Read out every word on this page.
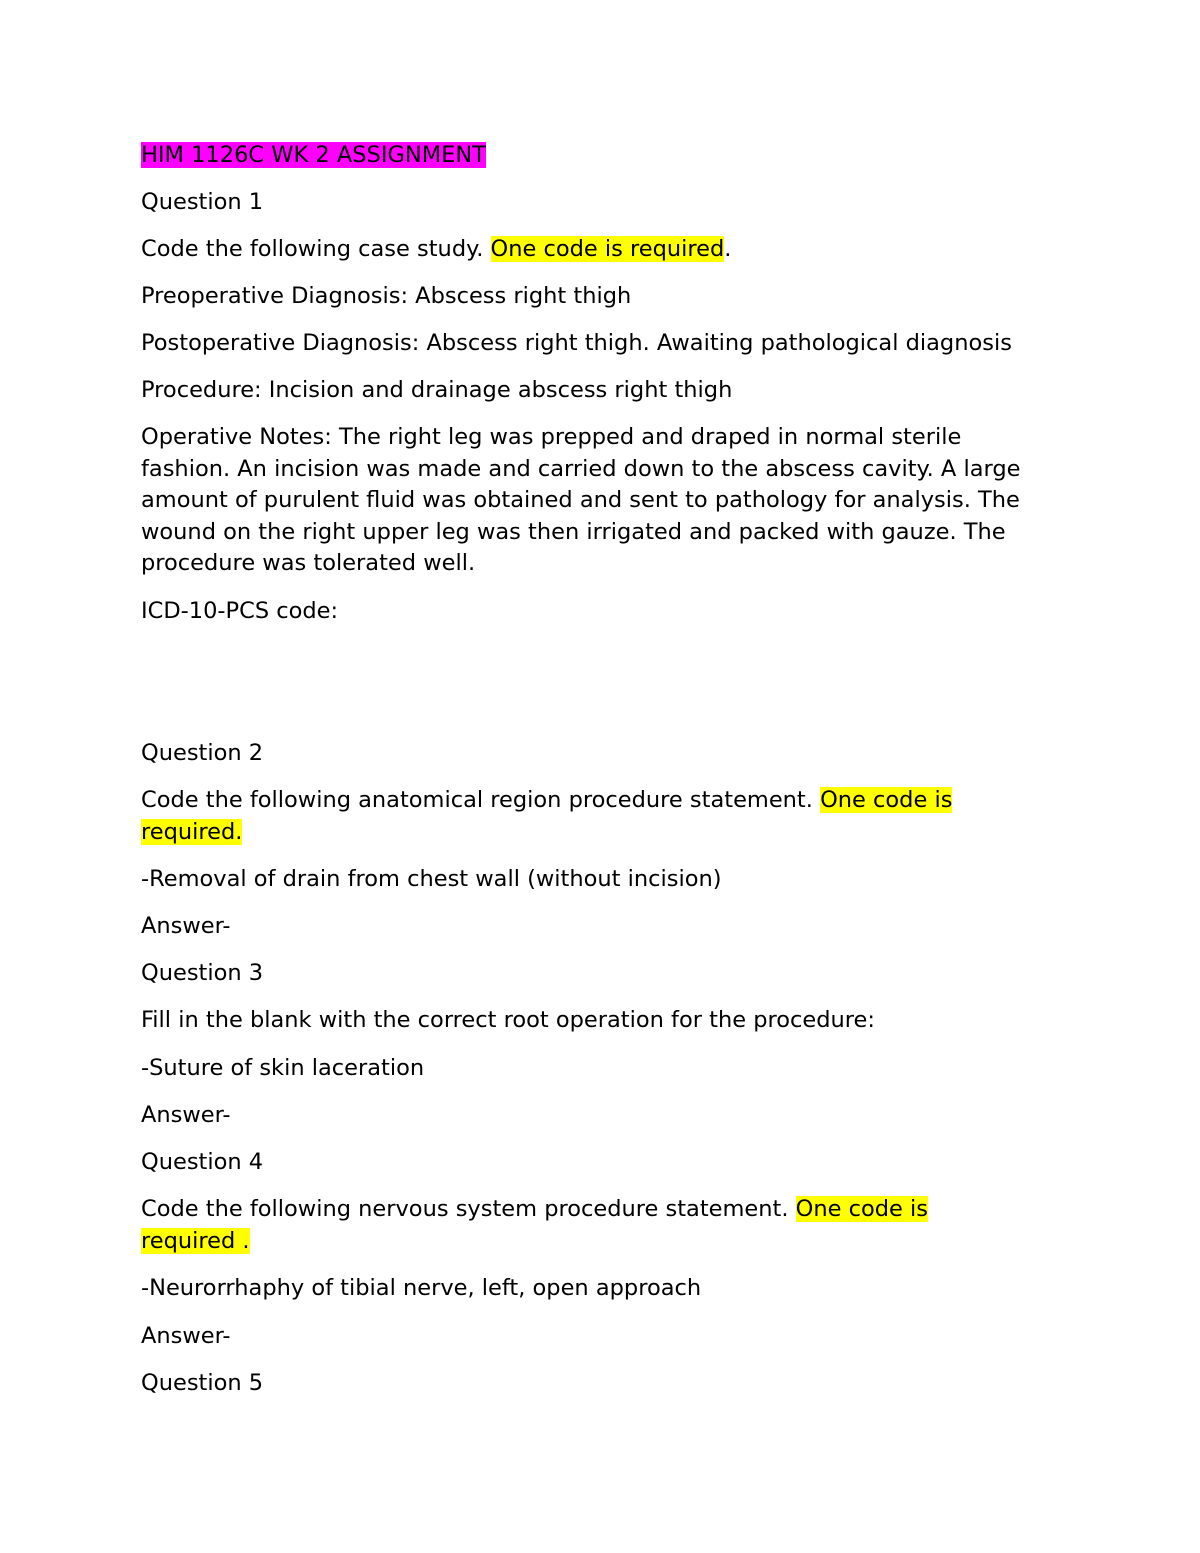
HIM 1126C WK 2 ASSIGNMENT

Question 1

Code the following case study. One code is required.

Preoperative Diagnosis: Abscess right thigh

Postoperative Diagnosis: Abscess right thigh. Awaiting pathological diagnosis

Procedure: Incision and drainage abscess right thigh

Operative Notes: The right leg was prepped and draped in normal sterile fashion. An incision was made and carried down to the abscess cavity. A large amount of purulent fluid was obtained and sent to pathology for analysis. The wound on the right upper leg was then irrigated and packed with gauze. The procedure was tolerated well.

ICD-10-PCS code:

Question 2

Code the following anatomical region procedure statement. One code is

required.

-Removal of drain from chest wall (without incision)

Answer-

Question 3

Fill in the blank with the correct root operation for the procedure:

-Suture of skin laceration

Answer-

Question 4

Code the following nervous system procedure statement. One code is

required .

-Neurorrhaphy of tibial nerve, left, open approach

Answer-

Question 5
